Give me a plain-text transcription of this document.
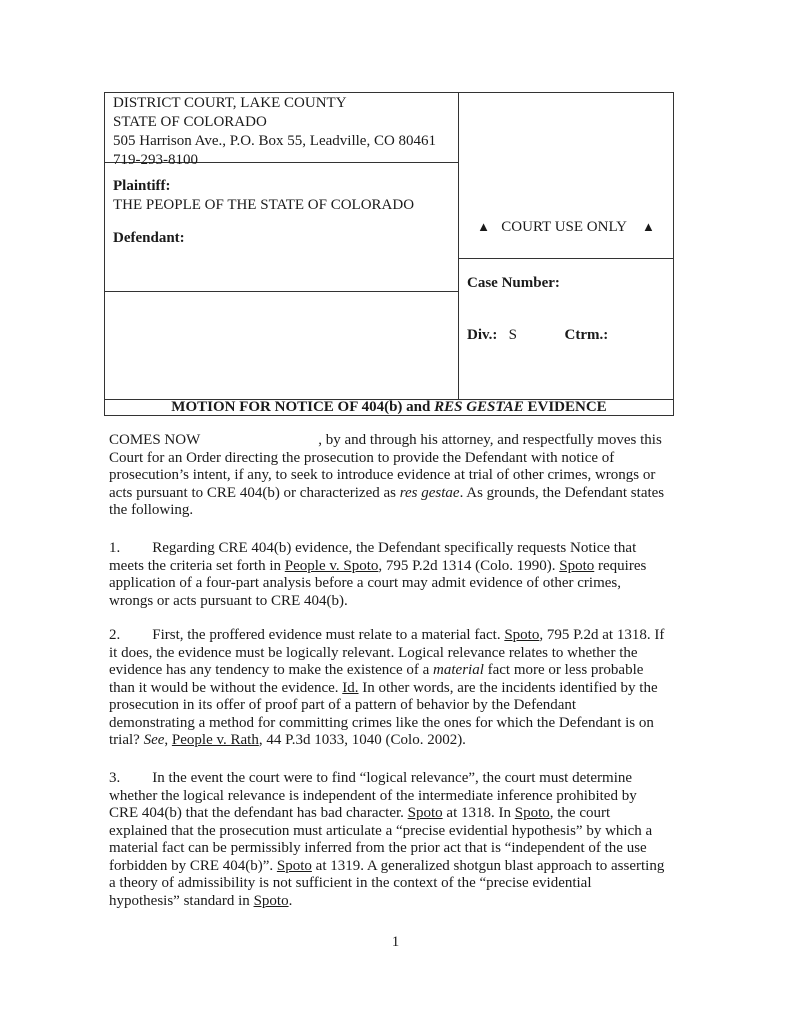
DISTRICT COURT, LAKE COUNTY
STATE OF COLORADO
505 Harrison Ave., P.O. Box 55, Leadville, CO 80461
719-293-8100
Plaintiff:
THE PEOPLE OF THE STATE OF COLORADO
Defendant:
▲ COURT USE ONLY ▲
Case Number:
Div.: S	Ctrm.:
MOTION FOR NOTICE OF 404(b) and RES GESTAE EVIDENCE
COMES NOW	, by and through his attorney, and respectfully moves this Court for an Order directing the prosecution to provide the Defendant with notice of prosecution’s intent, if any, to seek to introduce evidence at trial of other crimes, wrongs or acts pursuant to CRE 404(b) or characterized as res gestae. As grounds, the Defendant states the following.
1. Regarding CRE 404(b) evidence, the Defendant specifically requests Notice that meets the criteria set forth in People v. Spoto, 795 P.2d 1314 (Colo. 1990). Spoto requires application of a four-part analysis before a court may admit evidence of other crimes, wrongs or acts pursuant to CRE 404(b).
2. First, the proffered evidence must relate to a material fact. Spoto, 795 P.2d at 1318. If it does, the evidence must be logically relevant. Logical relevance relates to whether the evidence has any tendency to make the existence of a material fact more or less probable than it would be without the evidence. Id. In other words, are the incidents identified by the prosecution in its offer of proof part of a pattern of behavior by the Defendant demonstrating a method for committing crimes like the ones for which the Defendant is on trial? See, People v. Rath, 44 P.3d 1033, 1040 (Colo. 2002).
3. In the event the court were to find “logical relevance”, the court must determine whether the logical relevance is independent of the intermediate inference prohibited by CRE 404(b) that the defendant has bad character. Spoto at 1318. In Spoto, the court explained that the prosecution must articulate a “precise evidential hypothesis” by which a material fact can be permissibly inferred from the prior act that is “independent of the use forbidden by CRE 404(b)”. Spoto at 1319. A generalized shotgun blast approach to asserting a theory of admissibility is not sufficient in the context of the “precise evidential hypothesis” standard in Spoto.
1
